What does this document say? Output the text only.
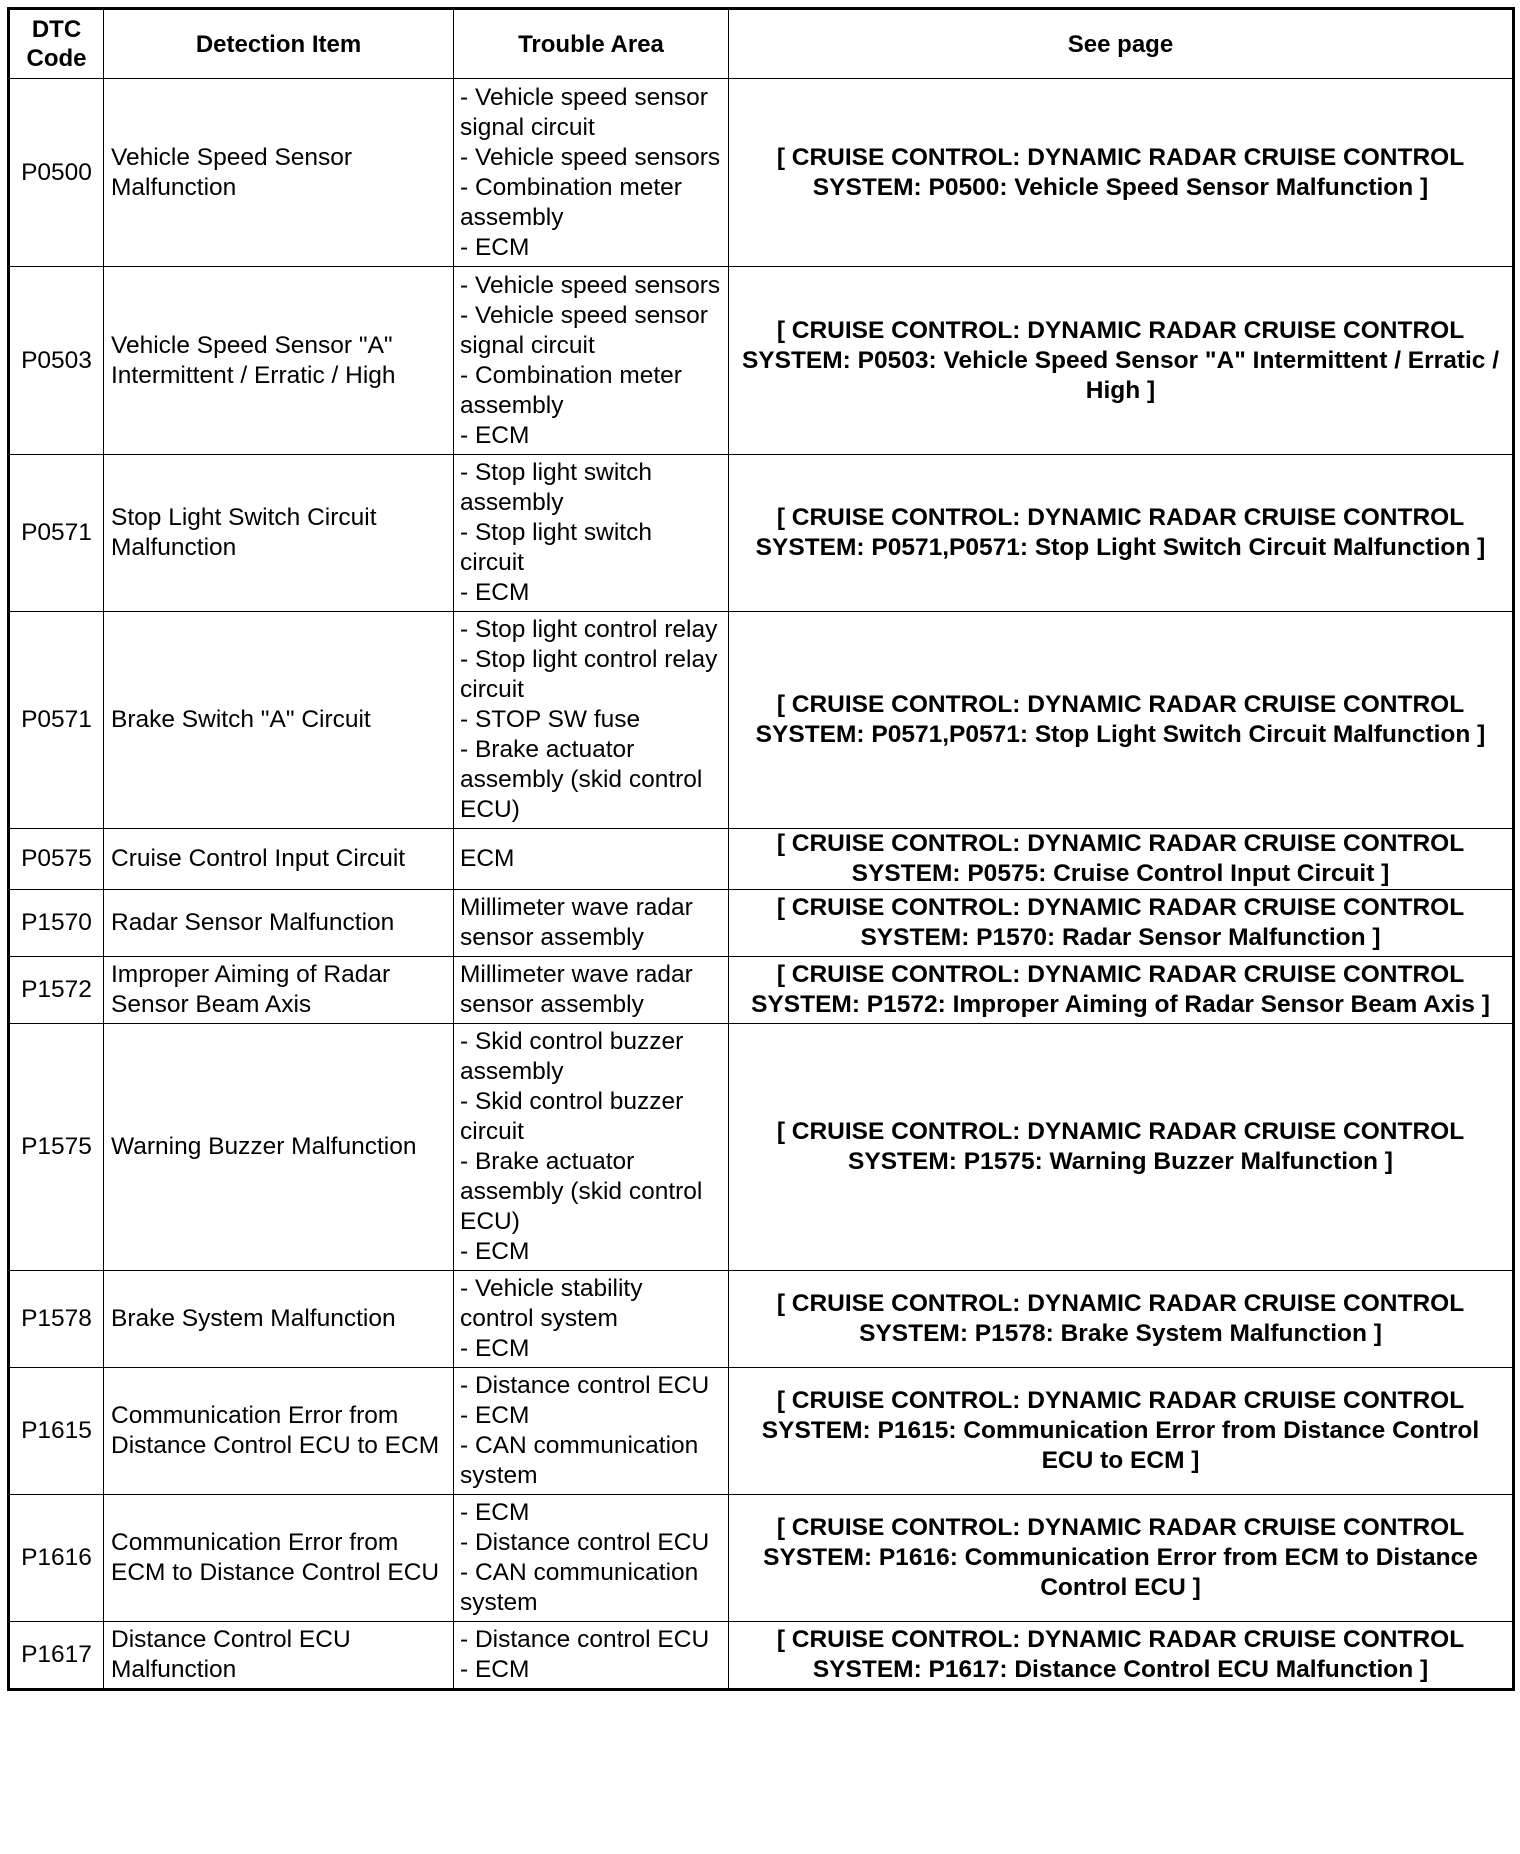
DTC
Code	Detection Item	Trouble Area	See page
P0500	Vehicle Speed Sensor Malfunction	- Vehicle speed sensor signal circuit
- Vehicle speed sensors
- Combination meter assembly
- ECM	[ CRUISE CONTROL: DYNAMIC RADAR CRUISE CONTROL SYSTEM: P0500: Vehicle Speed Sensor Malfunction ]
P0503	Vehicle Speed Sensor "A" Intermittent / Erratic / High	- Vehicle speed sensors
- Vehicle speed sensor signal circuit
- Combination meter assembly
- ECM	[ CRUISE CONTROL: DYNAMIC RADAR CRUISE CONTROL SYSTEM: P0503: Vehicle Speed Sensor "A" Intermittent / Erratic / High ]
P0571	Stop Light Switch Circuit Malfunction	- Stop light switch assembly
- Stop light switch circuit
- ECM	[ CRUISE CONTROL: DYNAMIC RADAR CRUISE CONTROL SYSTEM: P0571,P0571: Stop Light Switch Circuit Malfunction ]
P0571	Brake Switch "A" Circuit	- Stop light control relay
- Stop light control relay circuit
- STOP SW fuse
- Brake actuator assembly (skid control ECU)	[ CRUISE CONTROL: DYNAMIC RADAR CRUISE CONTROL SYSTEM: P0571,P0571: Stop Light Switch Circuit Malfunction ]
P0575	Cruise Control Input Circuit	ECM	[ CRUISE CONTROL: DYNAMIC RADAR CRUISE CONTROL SYSTEM: P0575: Cruise Control Input Circuit ]
P1570	Radar Sensor Malfunction	Millimeter wave radar sensor assembly	[ CRUISE CONTROL: DYNAMIC RADAR CRUISE CONTROL SYSTEM: P1570: Radar Sensor Malfunction ]
P1572	Improper Aiming of Radar Sensor Beam Axis	Millimeter wave radar sensor assembly	[ CRUISE CONTROL: DYNAMIC RADAR CRUISE CONTROL SYSTEM: P1572: Improper Aiming of Radar Sensor Beam Axis ]
P1575	Warning Buzzer Malfunction	- Skid control buzzer assembly
- Skid control buzzer circuit
- Brake actuator assembly (skid control ECU)
- ECM	[ CRUISE CONTROL: DYNAMIC RADAR CRUISE CONTROL SYSTEM: P1575: Warning Buzzer Malfunction ]
P1578	Brake System Malfunction	- Vehicle stability control system
- ECM	[ CRUISE CONTROL: DYNAMIC RADAR CRUISE CONTROL SYSTEM: P1578: Brake System Malfunction ]
P1615	Communication Error from Distance Control ECU to ECM	- Distance control ECU
- ECM
- CAN communication system	[ CRUISE CONTROL: DYNAMIC RADAR CRUISE CONTROL SYSTEM: P1615: Communication Error from Distance Control ECU to ECM ]
P1616	Communication Error from ECM to Distance Control ECU	- ECM
- Distance control ECU
- CAN communication system	[ CRUISE CONTROL: DYNAMIC RADAR CRUISE CONTROL SYSTEM: P1616: Communication Error from ECM to Distance Control ECU ]
P1617	Distance Control ECU Malfunction	- Distance control ECU
- ECM	[ CRUISE CONTROL: DYNAMIC RADAR CRUISE CONTROL SYSTEM: P1617: Distance Control ECU Malfunction ]
